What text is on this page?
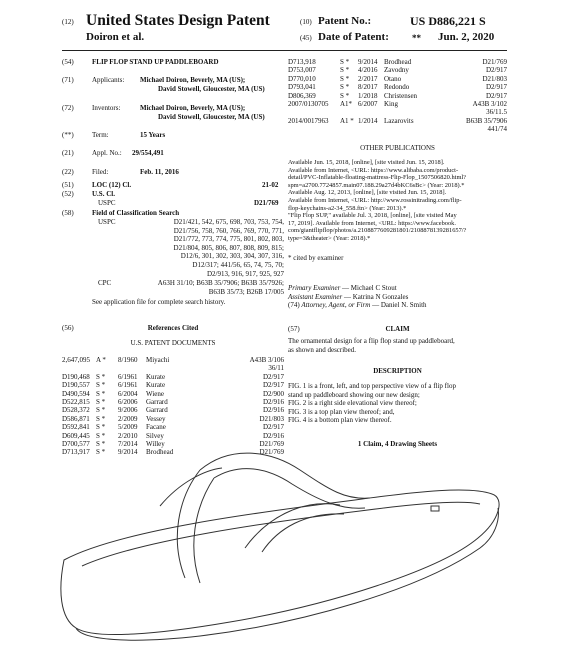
(12) United States Design Patent	(10) Patent No.:	US D886,221 S
Doiron et al.	(45) Date of Patent:	** Jun. 2, 2020
(54)	FLIP FLOP STAND UP PADDLEBOARD
(71)	Applicants: Michael Doiron, Beverly, MA (US);
David Stowell, Gloucester, MA (US)
(72)	Inventors:	Michael Doiron, Beverly, MA (US);
David Stowell, Gloucester, MA (US)
(**)	Term:	15 Years
(21)	Appl. No.: 29/554,491
(22)	Filed:	Feb. 11, 2016
(51)	LOC (12) Cl.	21-02
(52)	U.S. Cl.
USPC	D21/769
(58)	Field of Classification Search
USPC	D21/421, 542, 675, 698, 703, 753, 754,
D21/756, 758, 760, 766, 769, 770, 771,
D21/772, 773, 774, 775, 801, 802, 803,
D21/804, 805, 806, 807, 808, 809, 815;
D12/6, 301, 302, 303, 304, 307, 316,
D12/317; 441/56, 65, 74, 75, 70;
D2/913, 916, 917, 925, 927
CPC	A63H 31/10; B63B 35/7906; B63B 35/7926;
B63B 35/73; B26B 17/005
See application file for complete search history.
(56)	References Cited
U.S. PATENT DOCUMENTS
2,647,095 A * 8/1960 Miyachi	A43B 3/106
36/11
D190,468 S * 6/1961 Kurate	D2/917
D190,557 S * 6/1961 Kurate	D2/917
D490,594 S * 6/2004 Wiene	D2/900
D522,815 S * 6/2006 Garrard	D2/916
D528,372 S * 9/2006 Garrard	D2/916
D586,871 S * 2/2009 Vessey	D21/803
D592,841 S * 5/2009 Facane	D2/917
D609,445 S * 2/2010 Silvey	D2/916
D700,577 S * 7/2014 Willey	D21/769
D713,917 S * 9/2014 Brodhead	D21/769
D713,918	S * 9/2014 Brodhead	D21/769
D753,007	S * 4/2016 Zavodny	D2/917
D770,010	S * 2/2017 Otano	D21/803
D793,041	S * 8/2017 Redondo	D2/917
D806,369	S * 1/2018 Christensen	D2/917
2007/0130705 A1* 6/2007 King	A43B 3/102
36/11.5
2014/0017963 A1 * 1/2014 Lazarovits	B63B 35/7906
441/74
OTHER PUBLICATIONS
Available Jun. 15, 2018, [online], [site visited Jun. 15, 2018].
Available from Internet, <URL: https://www.alibaba.com/product-
detail/PVC-Inflatable-floating-mattress-Flip-Flop_1507506820.html?
spm=a2700.7724857.main07.188.29a27d4bKC6sBc> (Year: 2018).*
Available Aug. 12, 2013, [online], [site visited Jun. 15, 2018].
Available from Internet, <URL: http://www.rossinitrading.com/flip-
flop-keychains-a2-34_558.ftn> (Year: 2013).*
"Flip Flop SUP," available Jul. 3, 2018, [online], [site visited May
17, 2019]. Available from Internet, <URL: https://www.facebook.
com/giantflipflop/photos/a.2108877609281801/2108878139281657/?
type=3&theater> (Year: 2018).*
* cited by examiner
Primary Examiner — Michael C Stout
Assistant Examiner — Katrina N Gonzales
(74) Attorney, Agent, or Firm — Daniel N. Smith
(57)	CLAIM
The ornamental design for a flip flop stand up paddleboard,
as shown and described.
DESCRIPTION
FIG. 1 is a front, left, and top perspective view of a flip flop
stand up paddleboard showing our new design;
FIG. 2 is a right side elevational view thereof;
FIG. 3 is a top plan view thereof; and,
FIG. 4 is a bottom plan view thereof.
1 Claim, 4 Drawing Sheets
